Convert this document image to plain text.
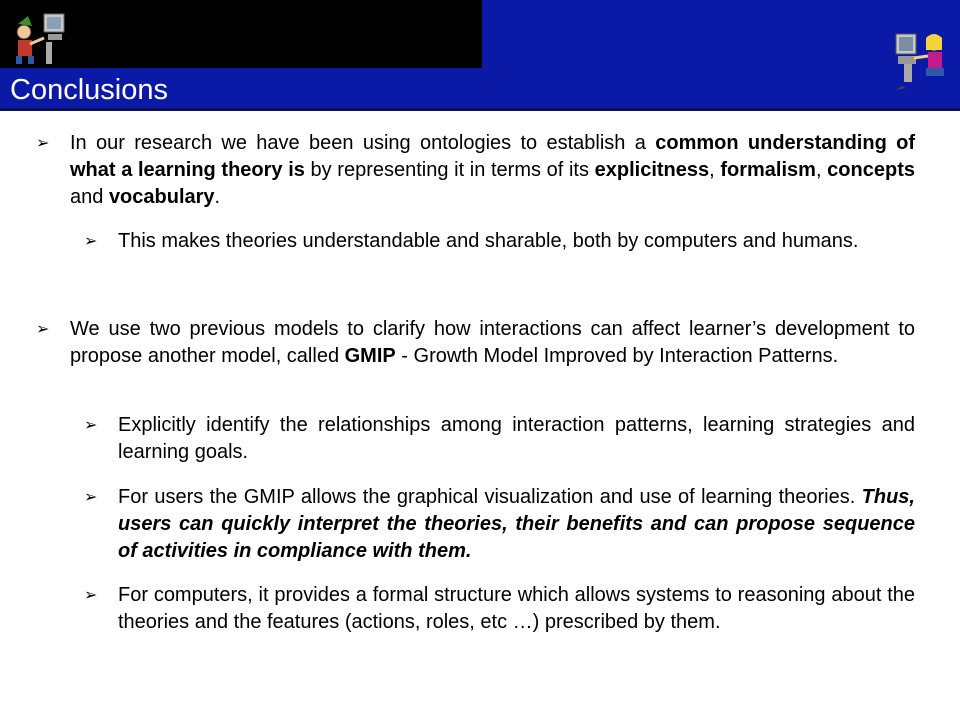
Conclusions
➢ In our research we have been using ontologies to establish a common understanding of what a learning theory is by representing it in terms of its explicitness, formalism, concepts and vocabulary.
➢ This makes theories understandable and sharable, both by computers and humans.
➢ We use two previous models to clarify how interactions can affect learner’s development to propose another model, called GMIP - Growth Model Improved by Interaction Patterns.
➢ Explicitly identify the relationships among interaction patterns, learning strategies and learning goals.
➢ For users the GMIP allows the graphical visualization and use of learning theories. Thus, users can quickly interpret the theories, their benefits and can propose sequence of activities in compliance with them.
➢ For computers, it provides a formal structure which allows systems to reasoning about the theories and the features (actions, roles, etc …) prescribed by them.
